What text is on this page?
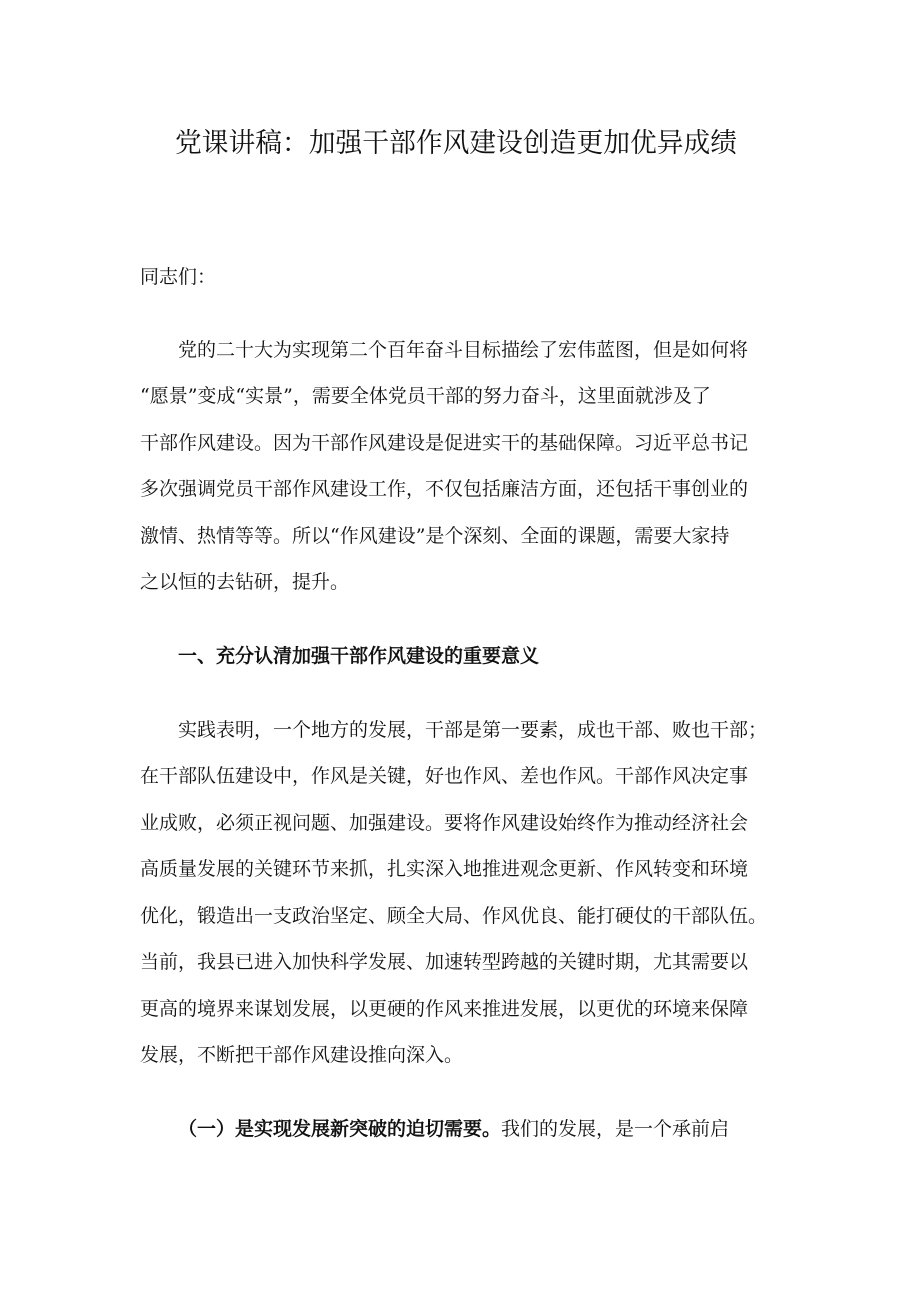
党课讲稿：加强干部作风建设创造更加优异成绩
同志们：
党的二十大为实现第二个百年奋斗目标描绘了宏伟蓝图，但是如何将
“愿景”变成“实景”，需要全体党员干部的努力奋斗，这里面就涉及了
干部作风建设。因为干部作风建设是促进实干的基础保障。习近平总书记
多次强调党员干部作风建设工作，不仅包括廉洁方面，还包括干事创业的
激情、热情等等。所以“作风建设”是个深刻、全面的课题，需要大家持
之以恒的去钻研，提升。
一、充分认清加强干部作风建设的重要意义
实践表明，一个地方的发展，干部是第一要素，成也干部、败也干部；
在干部队伍建设中，作风是关键，好也作风、差也作风。干部作风决定事
业成败，必须正视问题、加强建设。要将作风建设始终作为推动经济社会
高质量发展的关键环节来抓，扎实深入地推进观念更新、作风转变和环境
优化，锻造出一支政治坚定、顾全大局、作风优良、能打硬仗的干部队伍。
当前，我县已进入加快科学发展、加速转型跨越的关键时期，尤其需要以
更高的境界来谋划发展，以更硬的作风来推进发展，以更优的环境来保障
发展，不断把干部作风建设推向深入。
（一）是实现发展新突破的迫切需要。我们的发展，是一个承前启
